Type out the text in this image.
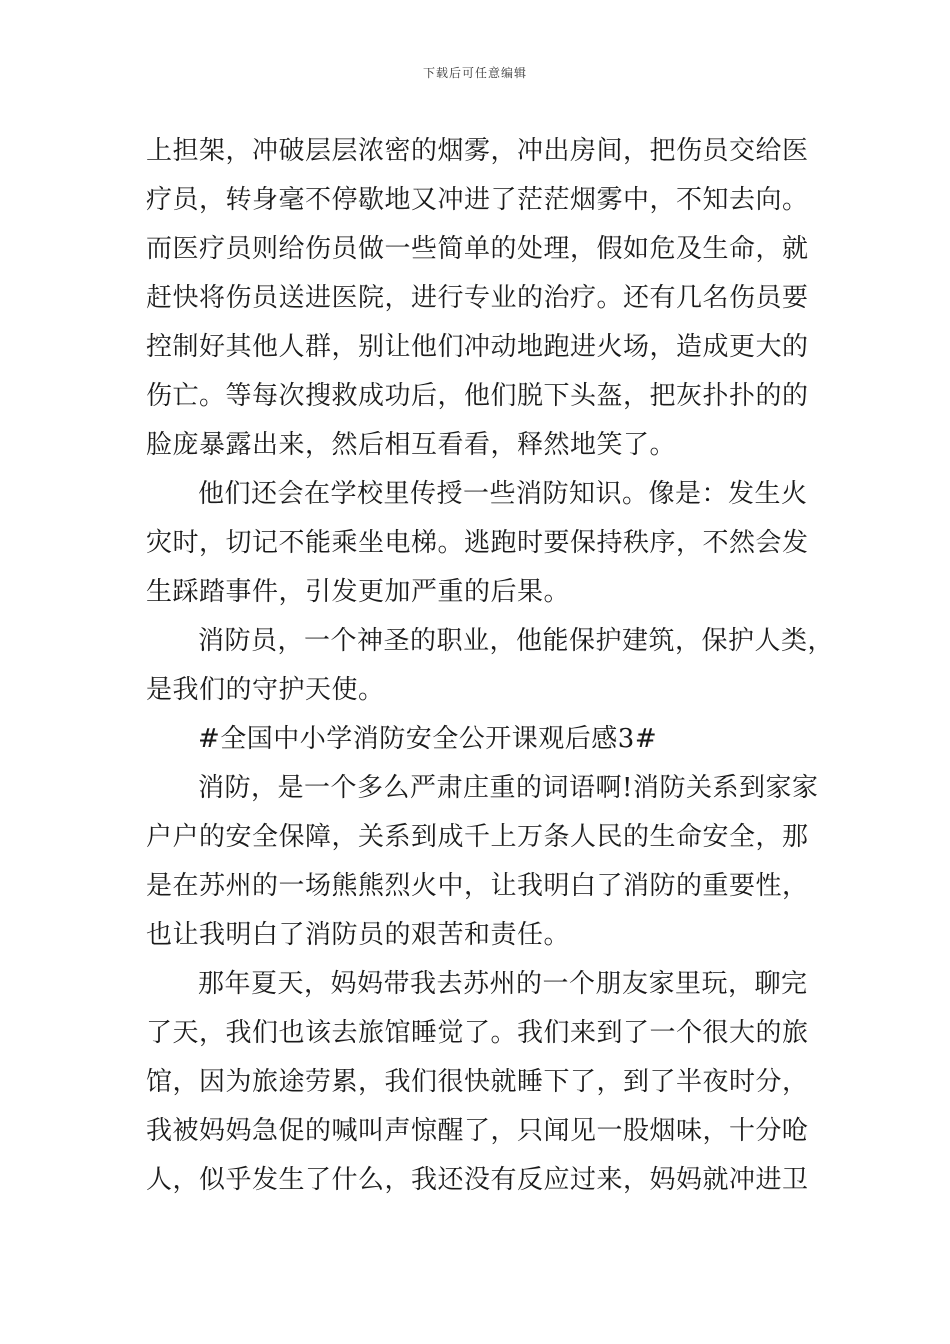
下载后可任意编辑
上担架，冲破层层浓密的烟雾，冲出房间，把伤员交给医
疗员，转身毫不停歇地又冲进了茫茫烟雾中，不知去向。
而医疗员则给伤员做一些简单的处理，假如危及生命，就
赶快将伤员送进医院，进行专业的治疗。还有几名伤员要
控制好其他人群，别让他们冲动地跑进火场，造成更大的
伤亡。等每次搜救成功后，他们脱下头盔，把灰扑扑的的
脸庞暴露出来，然后相互看看，释然地笑了。
他们还会在学校里传授一些消防知识。像是：发生火
灾时，切记不能乘坐电梯。逃跑时要保持秩序，不然会发
生踩踏事件，引发更加严重的后果。
消防员，一个神圣的职业，他能保护建筑，保护人类，
是我们的守护天使。
#全国中小学消防安全公开课观后感3#
消防，是一个多么严肃庄重的词语啊!消防关系到家家
户户的安全保障，关系到成千上万条人民的生命安全，那
是在苏州的一场熊熊烈火中，让我明白了消防的重要性，
也让我明白了消防员的艰苦和责任。
那年夏天，妈妈带我去苏州的一个朋友家里玩，聊完
了天，我们也该去旅馆睡觉了。我们来到了一个很大的旅
馆，因为旅途劳累，我们很快就睡下了，到了半夜时分，
我被妈妈急促的喊叫声惊醒了，只闻见一股烟味，十分呛
人，似乎发生了什么，我还没有反应过来，妈妈就冲进卫
